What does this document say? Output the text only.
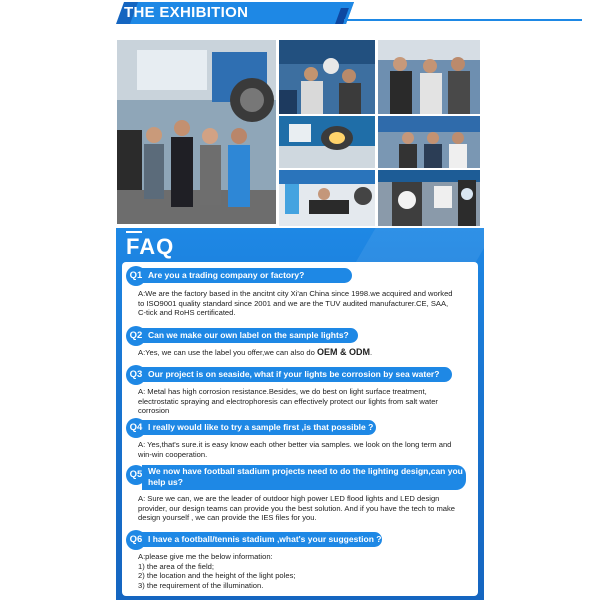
THE EXHIBITION
FAQ
Are you a trading company or factory?
Q1
A:We are the factory based in the ancitnt city Xi'an China since 1998.we acquired and worked
to ISO9001 quality standard since 2001 and we are the TUV audited manufacturer.CE, SAA,
C-tick and RoHS certificated.
Can we make our own label on the sample lights?
Q2
A:Yes, we can use the label you offer,we can also do OEM & ODM.
Our project is on seaside, what if your lights be corrosion by sea water?
Q3
A: Metal has high corrosion resistance.Besides, we do best on light surface treatment,
electrostatic spraying and electrophoresis can effectively protect our lights from salt water
corrosion
I really would like to try a sample first ,is that possible ?
Q4
A: Yes,that's sure.it is easy know each other better via samples. we look on the long term and
win-win cooperation.
We now have football stadium projects need to do the lighting design,can you help us?
Q5
A: Sure we can, we are the leader of outdoor high power LED flood lights and LED design
provider, our design teams can provide you the best solution. And if you have the tech to make
design yourself , we can provide the IES files for you.
I have a football/tennis stadium ,what's your suggestion ?
Q6
A:please give me the below information:
1) the area of the field;
2) the location and the height of the light poles;
3) the requirement of the illumination.
